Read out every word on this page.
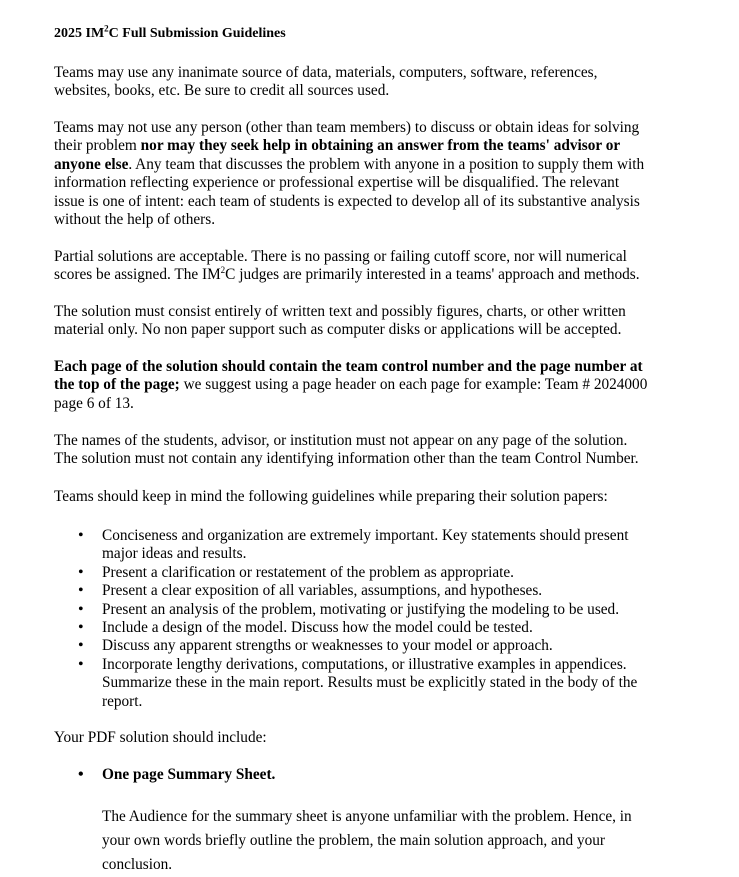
2025 $IM^2C$ Full Submission Guidelines
Teams may use any inanimate source of data, materials, computers, software, references,
websites, books, etc. Be sure to credit all sources used.
Teams may not use any person (other than team members) to discuss or obtain ideas for solving
their problem nor may they seek help in obtaining an answer from the teams' advisor or
anyone else. Any team that discusses the problem with anyone in a position to supply them with
information reflecting experience or professional expertise will be disqualified. The relevant
issue is one of intent: each team of students is expected to develop all of its substantive analysis
without the help of others.
Partial solutions are acceptable. There is no passing or failing cutoff score, nor will numerical
scores be assigned. The $IM^2C$ judges are primarily interested in a teams' approach and methods.
The solution must consist entirely of written text and possibly figures, charts, or other written
material only. No non paper support such as computer disks or applications will be accepted.
Each page of the solution should contain the team control number and the page number at
the top of the page; we suggest using a page header on each page for example: Team # 2024000
page 6 of 13.
The names of the students, advisor, or institution must not appear on any page of the solution.
The solution must not contain any identifying information other than the team Control Number.
Teams should keep in mind the following guidelines while preparing their solution papers:
• Conciseness and organization are extremely important. Key statements should present
major ideas and results.
• Present a clarification or restatement of the problem as appropriate.
• Present a clear exposition of all variables, assumptions, and hypotheses.
• Present an analysis of the problem, motivating or justifying the modeling to be used.
• Include a design of the model. Discuss how the model could be tested.
• Discuss any apparent strengths or weaknesses to your model or approach.
• Incorporate lengthy derivations, computations, or illustrative examples in appendices.
Summarize these in the main report. Results must be explicitly stated in the body of the
report.
Your PDF solution should include:
• One page Summary Sheet.
The Audience for the summary sheet is anyone unfamiliar with the problem. Hence, in
your own words briefly outline the problem, the main solution approach, and your
conclusion.
